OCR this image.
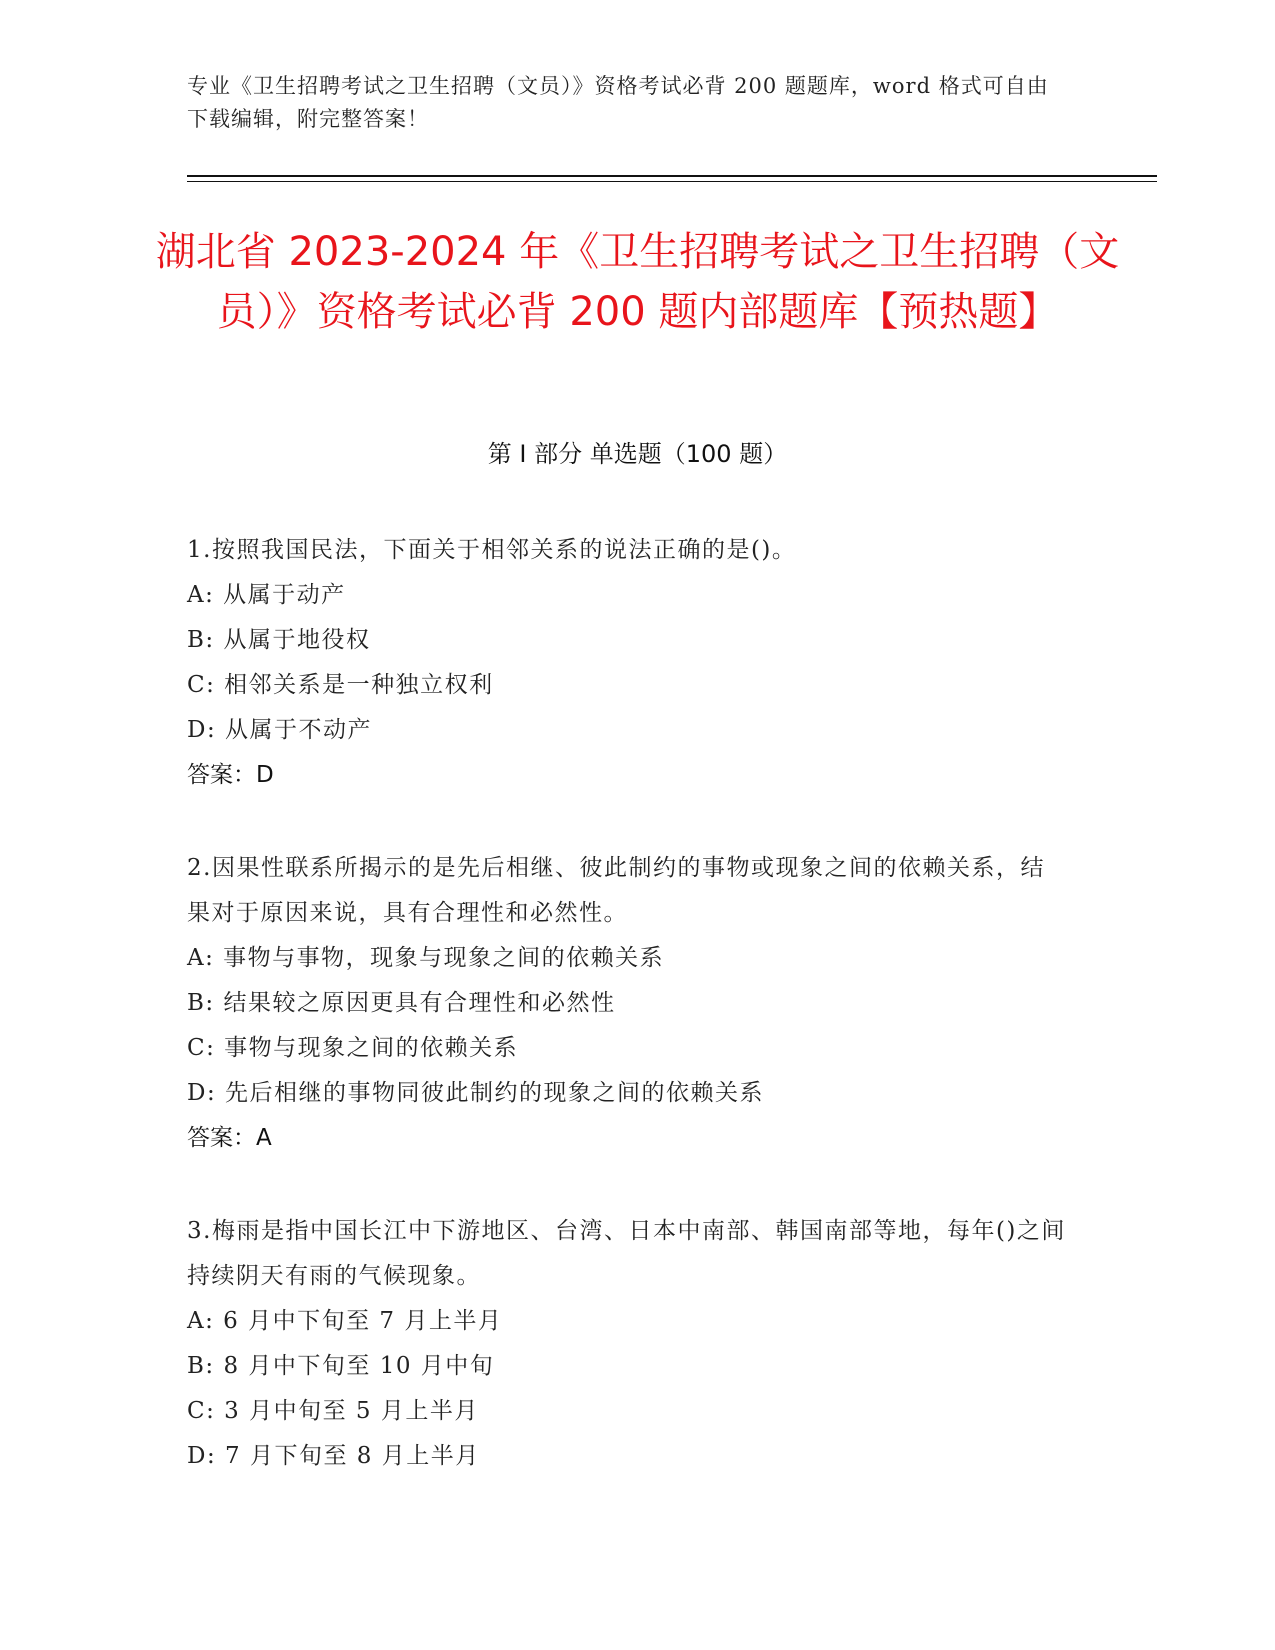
专业《卫生招聘考试之卫生招聘（文员）》资格考试必背 200 题题库，word 格式可自由下载编辑，附完整答案！
湖北省 2023-2024 年《卫生招聘考试之卫生招聘（文员）》资格考试必背 200 题内部题库【预热题】
第 I 部分 单选题（100 题）
1.按照我国民法，下面关于相邻关系的说法正确的是()。
A: 从属于动产
B: 从属于地役权
C: 相邻关系是一种独立权利
D: 从属于不动产
答案：D
2.因果性联系所揭示的是先后相继、彼此制约的事物或现象之间的依赖关系，结果对于原因来说，具有合理性和必然性。
A: 事物与事物，现象与现象之间的依赖关系
B: 结果较之原因更具有合理性和必然性
C: 事物与现象之间的依赖关系
D: 先后相继的事物同彼此制约的现象之间的依赖关系
答案：A
3.梅雨是指中国长江中下游地区、台湾、日本中南部、韩国南部等地，每年()之间持续阴天有雨的气候现象。
A: 6 月中下旬至 7 月上半月
B: 8 月中下旬至 10 月中旬
C: 3 月中旬至 5 月上半月
D: 7 月下旬至 8 月上半月
